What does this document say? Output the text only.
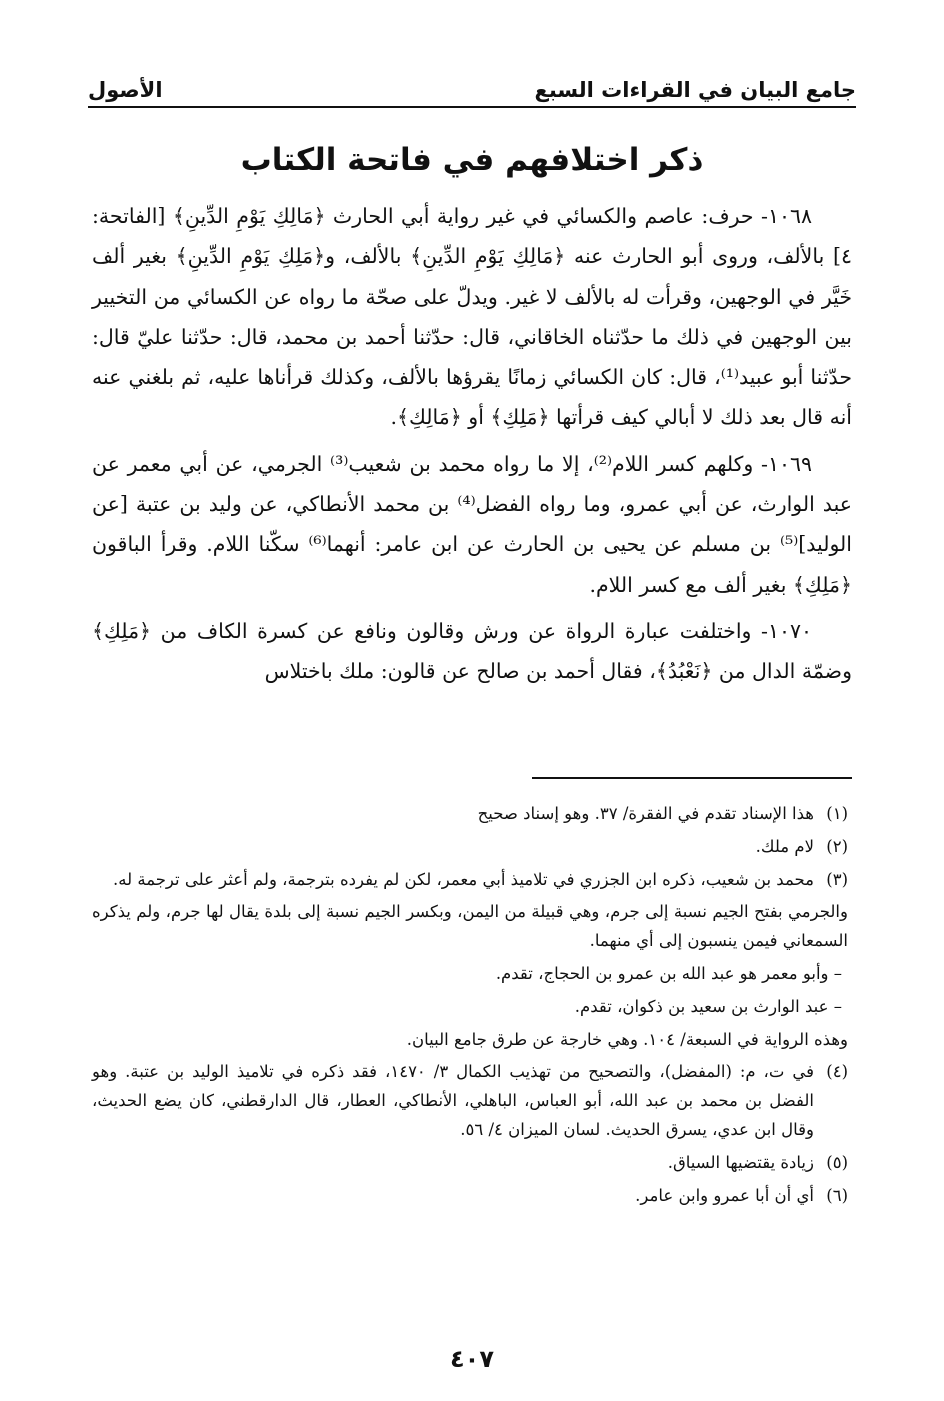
جامع البيان في القراءات السبع
الأصول
ذكر اختلافهم في فاتحة الكتاب

١٠٦٨- حرف: عاصم والكسائي في غير رواية أبي الحارث ﴿مَالِكِ يَوْمِ الدِّينِ﴾ [الفاتحة: ٤] بالألف، وروى أبو الحارث عنه ﴿مَالِكِ يَوْمِ الدِّينِ﴾ بالألف، و﴿مَلِكِ يَوْمِ الدِّينِ﴾ بغير ألف خَيَّر في الوجهين، وقرأت له بالألف لا غير. ويدلّ على صحّة ما رواه عن الكسائي من التخيير بين الوجهين في ذلك ما حدّثناه الخاقاني، قال: حدّثنا أحمد بن محمد، قال: حدّثنا عليّ قال: حدّثنا أبو عبيد⁽¹⁾، قال: كان الكسائي زمانًا يقرؤها بالألف، وكذلك قرأناها عليه، ثم بلغني عنه أنه قال بعد ذلك لا أبالي كيف قرأتها ﴿مَلِكِ﴾ أو ﴿مَالِكِ﴾.

١٠٦٩- وكلهم كسر اللام⁽²⁾، إلا ما رواه محمد بن شعيب⁽³⁾ الجرمي، عن أبي معمر عن عبد الوارث، عن أبي عمرو، وما رواه الفضل⁽⁴⁾ بن محمد الأنطاكي، عن وليد بن عتبة [عن الوليد]⁽⁵⁾ بن مسلم عن يحيى بن الحارث عن ابن عامر: أنهما⁽⁶⁾ سكّنا اللام. وقرأ الباقون ﴿مَلِكِ﴾ بغير ألف مع كسر اللام.

١٠٧٠- واختلفت عبارة الرواة عن ورش وقالون ونافع عن كسرة الكاف من ﴿مَلِكِ﴾ وضمّة الدال من ﴿نَعْبُدُ﴾، فقال أحمد بن صالح عن قالون: ملك باختلاس

(١)
هذا الإسناد تقدم في الفقرة/ ٣٧. وهو إسناد صحيح
(٢)
لام ملك.
(٣)
محمد بن شعيب، ذكره ابن الجزري في تلاميذ أبي معمر، لكن لم يفرده بترجمة، ولم أعثر على ترجمة له.
والجرمي بفتح الجيم نسبة إلى جرم، وهي قبيلة من اليمن، وبكسر الجيم نسبة إلى بلدة يقال لها جرم، ولم يذكره السمعاني فيمن ينسبون إلى أي منهما.
– وأبو معمر هو عبد الله بن عمرو بن الحجاج، تقدم.
– عبد الوارث بن سعيد بن ذكوان، تقدم.
وهذه الرواية في السبعة/ ١٠٤. وهي خارجة عن طرق جامع البيان.
(٤)
في ت، م: (المفضل)، والتصحيح من تهذيب الكمال ٣/ ١٤٧٠، فقد ذكره في تلاميذ الوليد بن عتبة. وهو الفضل بن محمد بن عبد الله، أبو العباس، الباهلي، الأنطاكي، العطار، قال الدارقطني، كان يضع الحديث، وقال ابن عدي، يسرق الحديث. لسان الميزان ٤/ ٥٦.
(٥)
زيادة يقتضيها السياق.
(٦)
أي أن أبا عمرو وابن عامر.
٤٠٧
